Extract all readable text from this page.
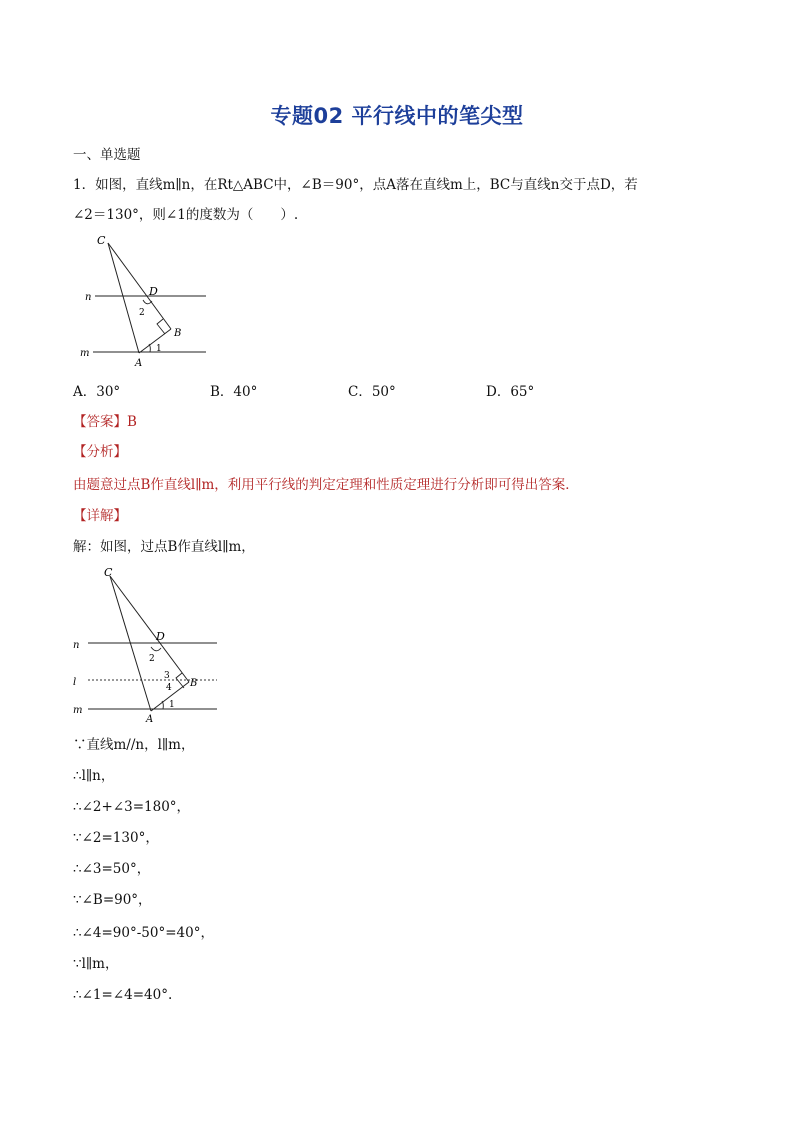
专题02 平行线中的笔尖型
一、单选题
1．如图，直线m∥n，在Rt△ABC中，∠B＝90°，点A落在直线m上，BC与直线n交于点D，若
∠2＝130°，则∠1的度数为（　　）.
C
D
B
A
n
m	1
2
A．30°	B．40°	C．50°	D．65°
【答案】B
【分析】
由题意过点B作直线l∥m，利用平行线的判定定理和性质定理进行分析即可得出答案．
【详解】
解：如图，过点B作直线l∥m，
C
D
B
A
n
l
m	1
2
3
4
∵直线m//n，l∥m，
∴l∥n，
∴∠2+∠3=180°，
∵∠2=130°，
∴∠3=50°，
∵∠B=90°，
∴∠4=90°-50°=40°，
∵l∥m，
∴∠1=∠4=40°.
